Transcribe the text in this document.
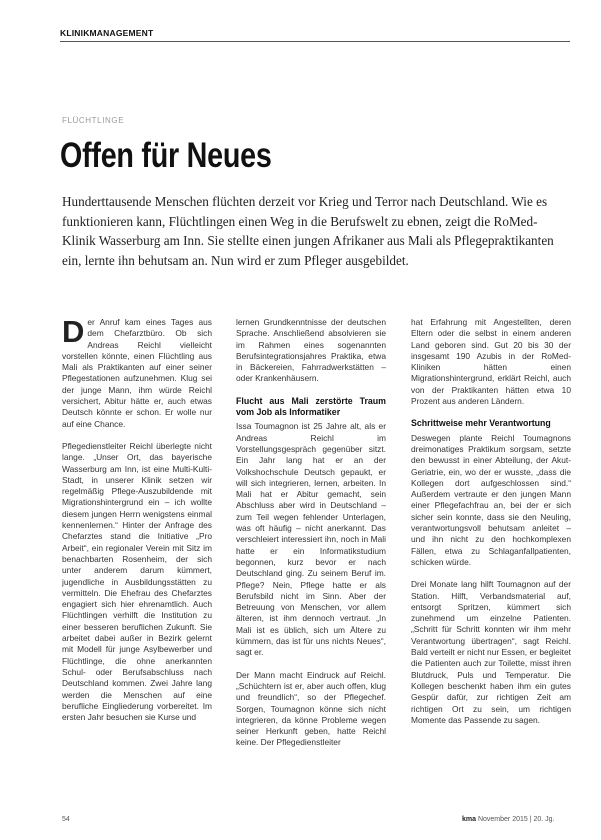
KLINIKMANAGEMENT
FLÜCHTLINGE
Offen für Neues
Hunderttausende Menschen flüchten derzeit vor Krieg und Terror nach Deutschland. Wie es funktionieren kann, Flüchtlingen einen Weg in die Berufswelt zu ebnen, zeigt die RoMed-Klinik Wasserburg am Inn. Sie stellte einen jungen Afrikaner aus Mali als Pflegepraktikanten ein, lernte ihn behutsam an. Nun wird er zum Pfleger ausgebildet.

Der Anruf kam eines Tages aus dem Chefarztbüro. Ob sich Andreas Reichl vielleicht vorstellen könnte, einen Flüchtling aus Mali als Praktikanten auf einer seiner Pflegestationen aufzunehmen. Klug sei der junge Mann, ihm würde Reichl versichert, Abitur hätte er, auch etwas Deutsch könnte er schon. Er wolle nur auf eine Chance.

Pflegedienstleiter Reichl überlegte nicht lange. „Unser Ort, das bayerische Wasserburg am Inn, ist eine Multi-Kulti-Stadt, in unserer Klinik setzen wir regelmäßig Pflege-Auszubildende mit Migrationshintergrund ein – ich wollte diesem jungen Herrn wenigstens einmal kennenlernen.“ Hinter der Anfrage des Chefarztes stand die Initiative „Pro Arbeit“, ein regionaler Verein mit Sitz im benachbarten Rosenheim, der sich unter anderem darum kümmert, jugendliche in Ausbildungsstätten zu vermitteln. Die Ehefrau des Chefarztes engagiert sich hier ehrenamtlich. Auch Flüchtlingen verhilft die Institution zu einer besseren beruflichen Zukunft. Sie arbeitet dabei außer in Bezirk gelernt mit Modell für junge Asylbewerber und Flüchtlinge, die ohne anerkannten Schul- oder Berufsabschluss nach Deutschland kommen. Zwei Jahre lang werden die Menschen auf eine berufliche Eingliederung vorbereitet. Im ersten Jahr besuchen sie Kurse und

lernen Grundkenntnisse der deutschen Sprache. Anschließend absolvieren sie im Rahmen eines sogenannten Berufsintegrationsjahres Praktika, etwa in Bäckereien, Fahrradwerkstätten – oder Krankenhäusern.

Flucht aus Mali zerstörte Traum vom Job als Informatiker

Issa Toumagnon ist 25 Jahre alt, als er Andreas Reichl im Vorstellungsgespräch gegenüber sitzt. Ein Jahr lang hat er an der Volkshochschule Deutsch gepaukt, er will sich integrieren, lernen, arbeiten. In Mali hat er Abitur gemacht, sein Abschluss aber wird in Deutschland – zum Teil wegen fehlender Unterlagen, was oft häufig – nicht anerkannt. Das verschleiert interessiert ihn, noch in Mali hatte er ein Informatikstudium begonnen, kurz bevor er nach Deutschland ging. Zu seinem Beruf im. Pflege? Nein, Pflege hatte er als Berufsbild nicht im Sinn. Aber der Betreuung von Menschen, vor allem älteren, ist ihm dennoch vertraut. „In Mali ist es üblich, sich um Ältere zu kümmern, das ist für uns nichts Neues“, sagt er.

Der Mann macht Eindruck auf Reichl. „Schüchtern ist er, aber auch offen, klug und freundlich“, so der Pflegechef. Sorgen, Toumagnon könne sich nicht integrieren, da könne Probleme wegen seiner Herkunft geben, hatte Reichl keine. Der Pflegedienstleiter

hat Erfahrung mit Angestellten, deren Eltern oder die selbst in einem anderen Land geboren sind. Gut 20 bis 30 der insgesamt 190 Azubis in der RoMed-Kliniken hätten einen Migrationshintergrund, erklärt Reichl, auch von der Praktikanten hätten etwa 10 Prozent aus anderen Ländern.

Schrittweise mehr Verantwortung

Deswegen plante Reichl Toumagnons dreimonatiges Praktikum sorgsam, setzte den bewusst in einer Abteilung, der Akut-Geriatrie, ein, wo der er wusste, „dass die Kollegen dort aufgeschlossen sind.“ Außerdem vertraute er den jungen Mann einer Pflegefachfrau an, bei der er sich sicher sein konnte, dass sie den Neuling, verantwortungsvoll behutsam anleitet – und ihn nicht zu den hochkomplexen Fällen, etwa zu Schlaganfallpatienten, schicken würde.

Drei Monate lang hilft Toumagnon auf der Station. Hilft, Verbandsmaterial auf, entsorgt Spritzen, kümmert sich zunehmend um einzelne Patienten. „Schritt für Schritt konnten wir ihm mehr Verantwortung übertragen“, sagt Reichl. Bald verteilt er nicht nur Essen, er begleitet die Patienten auch zur Toilette, misst ihren Blutdruck, Puls und Temperatur. Die Kollegen beschenkt haben ihm ein gutes Gespür dafür, zur richtigen Zeit am richtigen Ort zu sein, um richtigen Momente das Passende zu sagen.

54	kma November 2015 | 20. Jg.
